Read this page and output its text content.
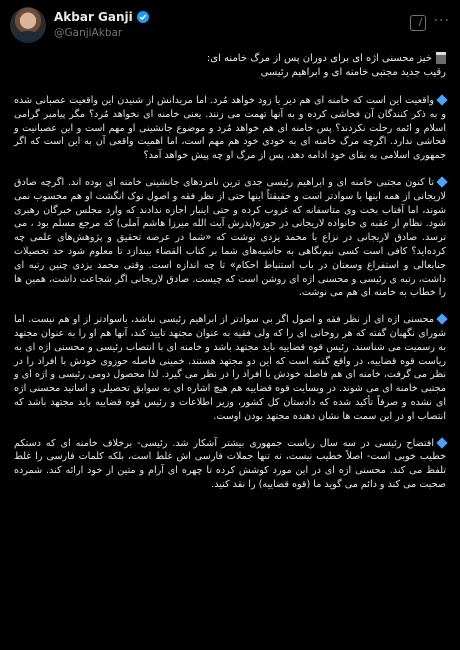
Akbar Ganji
@GanjiAkbar
···
خیز محسنی اژه ای برای دوران پس از مرگ خامنه ای:
رقیب جدید مجتبی خامنه ای و ابراهیم رئیسی

واقعیت این است که خامنه ای هم دیر یا زود خواهد مُرد. اما مریدانش از شنیدن این واقعیت عصبانی شده و به ذکر کنندگان آن فحاشی کرده و به آنها تهمت می زنند. یعنی خامنه ای نخواهد مُرد؟ مگر پیامبر گرامی اسلام و ائمه رحلت نکردند؟ پس خامنه ای هم خواهد مُرد و موضوع جانشینی او مهم است و این عصبانیت و فحاشی ندارد. اگرچه مرگ خامنه ای به خودی خود هم مهم است، اما اهمیت واقعی آن به این است که اگر جمهوری اسلامی به بقای خود ادامه دهد، پس از مرگ او چه پیش خواهد آمد؟

تا کنون مجتبی خامنه ای و ابراهیم رئیسی جدی ترین نامزدهای جانشینی خامنه ای بوده اند. اگرچه صادق لاریجانی از همه اینها با سوادتر است و حقیقتاً اینها حتی از نظر فقه و اصول نوک انگشت او هم محسوب نمی شوند، اما آفتاب بخت وی متاسفانه که غروب کرده و حتی اینبار اجازه ندادند که وارد مجلس خبرگان رهبری شود. نظام از عقبه ی خانواده لاریجانی در حوزه(پدرش آیت الله میرزا هاشم آملی) که مرجع مسلم بود ، می ترسد. صادق لاریجانی در نزاع با محمد یزدی نوشت که «شما در عرصه تحقیق و پژوهش‌های علمی چه کرده‌اید؟ کافی است کسی نیم‌نگاهی به حاشیه‌های شما بر کتاب القضاء بیندازد تا معلوم شود حد تحصیلات جنابعالی و استفراغ وسعتان در باب استنباط احکام» تا چه اندازه است. وقتی محمد یزدی چنین رتبه ای داشت، رتبه ی رئیسی و محسنی اژه ای روشن است که چیست. صادق لاریجانی اگر شجاعت داشت، همین ها را خطاب به خامنه ای هم می نوشت.

محسنی اژه ای از نظر فقه و اصول اگر بی سوادتر از ابراهیم رئیسی نباشد، باسوادتر از او هم نیست. اما شورای نگهبان گفته که هر روحانی ای را که ولی فقیه به عنوان مجتهد تایید کند، آنها هم او را به عنوان مجتهد به رسمیت می شناسند. رئیس قوه قضاییه باید مجتهد باشد و خامنه ای با انتصاب رئیسی و محسنی اژه ای به ریاست قوه قضاییه، در واقع گفته است که این دو مجتهد هستند. خمینی فاصله حوزوی خودش با افراد را در نظر می گرفت، خامنه ای هم فاصله خودش با افراد را در نظر می گیرد. لذا محصول دومی رئیسی و اژه ای و مجتبی خامنه ای می شوند. در وبسایت قوه قضاییه هم هیچ اشاره ای به سوابق تحصیلی و اساتید محسنی اژه ای نشده و صرفاً تأکید شده که دادستان کل کشور، وزیر اطلاعات و رئیس قوه قضاییه باید مجتهد باشد که انتصاب او در این سمت ها نشان دهنده مجتهد بودن اوست.

افتضاح رئیسی در سه سال ریاست جمهوری بیشتر آشکار شد. رئیسی- برخلاف خامنه ای که دستکم خطیب خوبی است- اصلاً خطیب نیست، نه تنها جملات فارسی اش غلط است، بلکه کلمات فارسی را غلط تلفظ می کند. محسنی اژه ای در این مورد کوشش کرده تا چهره ای آرام و متین از خود ارائه کند. شمرده صحبت می کند و دائم می گوید ما (قوه قضاییه) را نقد کنید.
